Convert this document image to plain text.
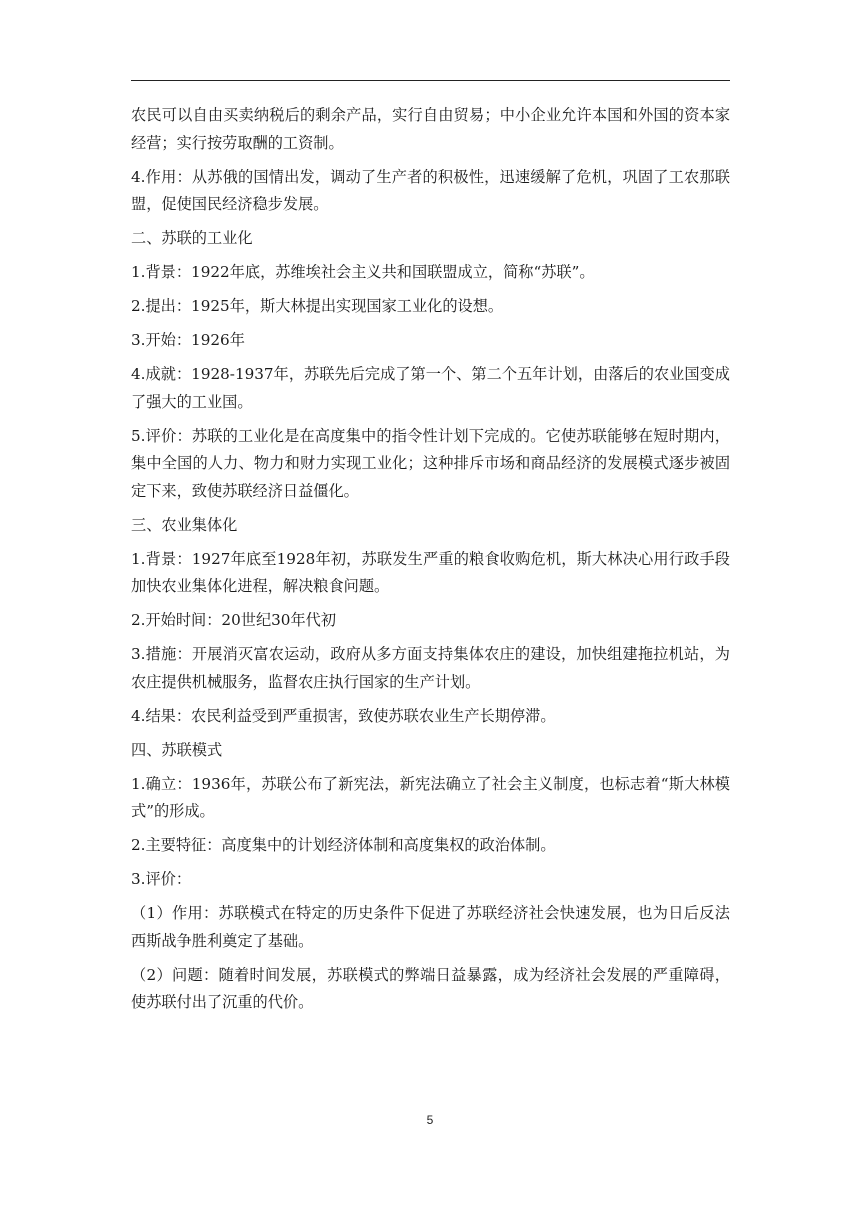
农民可以自由买卖纳税后的剩余产品，实行自由贸易；中小企业允许本国和外国的资本家经营；实行按劳取酬的工资制。

4.作用：从苏俄的国情出发，调动了生产者的积极性，迅速缓解了危机，巩固了工农那联盟，促使国民经济稳步发展。

二、苏联的工业化

1.背景：1922年底，苏维埃社会主义共和国联盟成立，简称“苏联”。

2.提出：1925年，斯大林提出实现国家工业化的设想。

3.开始：1926年

4.成就：1928-1937年，苏联先后完成了第一个、第二个五年计划，由落后的农业国变成了强大的工业国。

5.评价：苏联的工业化是在高度集中的指令性计划下完成的。它使苏联能够在短时期内，集中全国的人力、物力和财力实现工业化；这种排斥市场和商品经济的发展模式逐步被固定下来，致使苏联经济日益僵化。

三、农业集体化

1.背景：1927年底至1928年初，苏联发生严重的粮食收购危机，斯大林决心用行政手段加快农业集体化进程，解决粮食问题。

2.开始时间：20世纪30年代初

3.措施：开展消灭富农运动，政府从多方面支持集体农庄的建设，加快组建拖拉机站，为农庄提供机械服务，监督农庄执行国家的生产计划。

4.结果：农民利益受到严重损害，致使苏联农业生产长期停滞。

四、苏联模式

1.确立：1936年，苏联公布了新宪法，新宪法确立了社会主义制度，也标志着“斯大林模式”的形成。

2.主要特征：高度集中的计划经济体制和高度集权的政治体制。

3.评价：

（1）作用：苏联模式在特定的历史条件下促进了苏联经济社会快速发展，也为日后反法西斯战争胜利奠定了基础。

（2）问题：随着时间发展，苏联模式的弊端日益暴露，成为经济社会发展的严重障碍，使苏联付出了沉重的代价。

5
